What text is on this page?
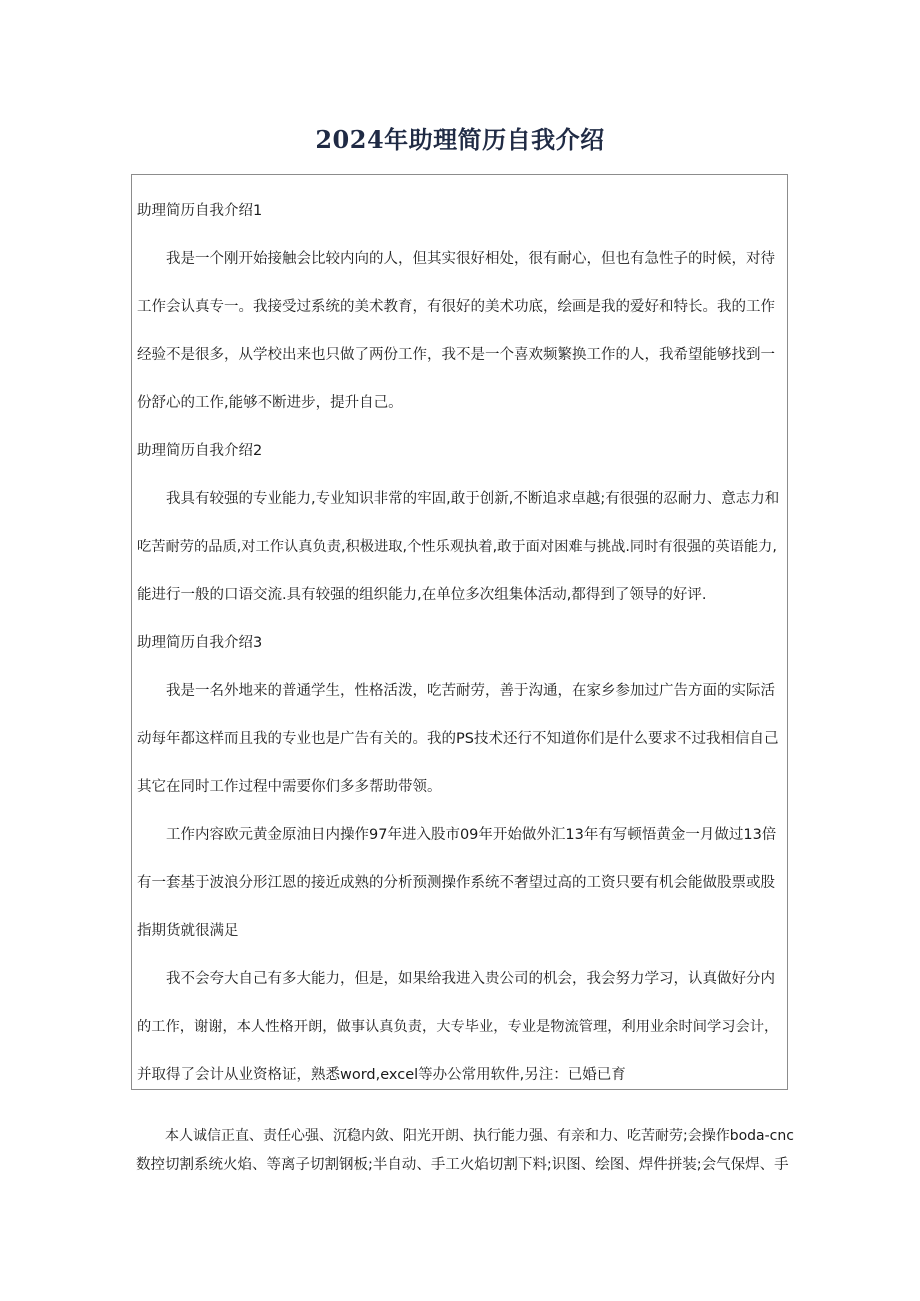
2024年助理简历自我介绍

助理简历自我介绍1

我是一个刚开始接触会比较内向的人，但其实很好相处，很有耐心，但也有急性子的时候，对待
工作会认真专一。我接受过系统的美术教育，有很好的美术功底，绘画是我的爱好和特长。我的工作
经验不是很多，从学校出来也只做了两份工作，我不是一个喜欢频繁换工作的人，我希望能够找到一
份舒心的工作,能够不断进步，提升自己。

助理简历自我介绍2

我具有较强的专业能力,专业知识非常的牢固,敢于创新,不断追求卓越;有很强的忍耐力、意志力和
吃苦耐劳的品质,对工作认真负责,积极进取,个性乐观执着,敢于面对困难与挑战.同时有很强的英语能力,
能进行一般的口语交流.具有较强的组织能力,在单位多次组集体活动,都得到了领导的好评.

助理简历自我介绍3

我是一名外地来的普通学生，性格活泼，吃苦耐劳，善于沟通，在家乡参加过广告方面的实际活
动每年都这样而且我的专业也是广告有关的。我的PS技术还行不知道你们是什么要求不过我相信自己
其它在同时工作过程中需要你们多多帮助带领。
工作内容欧元黄金原油日内操作97年进入股市09年开始做外汇13年有写顿悟黄金一月做过13倍
有一套基于波浪分形江恩的接近成熟的分析预测操作系统不奢望过高的工资只要有机会能做股票或股
指期货就很满足
我不会夸大自己有多大能力，但是，如果给我进入贵公司的机会，我会努力学习，认真做好分内
的工作，谢谢，本人性格开朗，做事认真负责，大专毕业，专业是物流管理，利用业余时间学习会计，
并取得了会计从业资格证，熟悉word,excel等办公常用软件,另注：已婚已育
本人诚信正直、责任心强、沉稳内敛、阳光开朗、执行能力强、有亲和力、吃苦耐劳;会操作boda-cnc
数控切割系统火焰、等离子切割钢板;半自动、手工火焰切割下料;识图、绘图、焊件拼装;会气保焊、手
